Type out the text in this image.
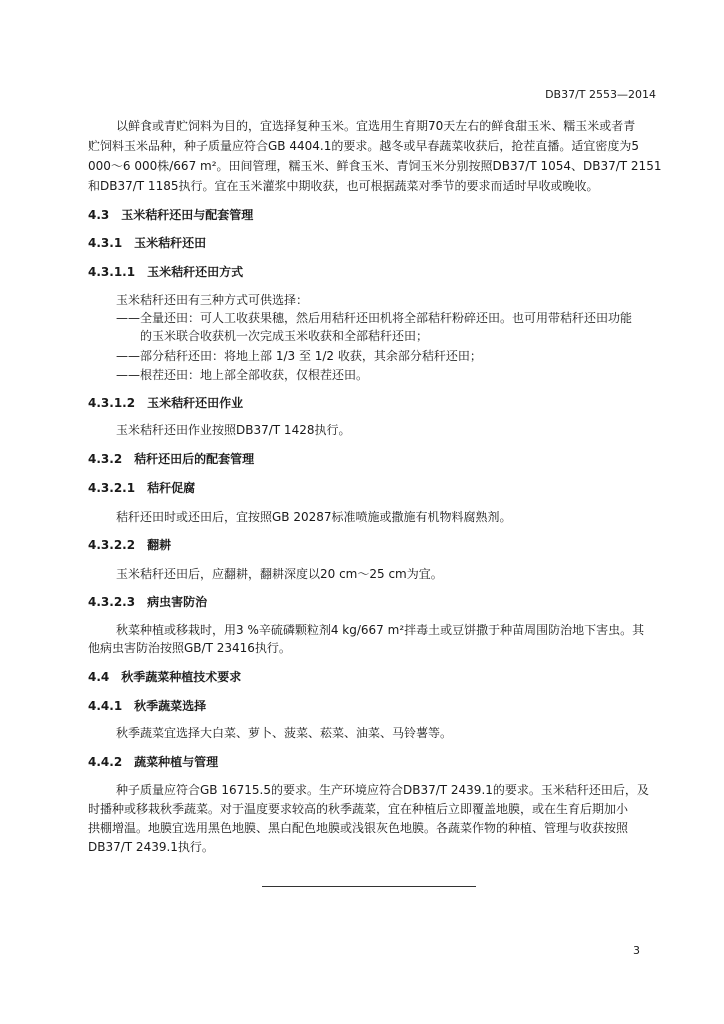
DB37/T 2553—2014
以鲜食或青贮饲料为目的，宜选择复种玉米。宜选用生育期70天左右的鲜食甜玉米、糯玉米或者青
贮饲料玉米品种，种子质量应符合GB 4404.1的要求。越冬或早春蔬菜收获后，抢茬直播。适宜密度为5
000～6 000株/667 m²。田间管理，糯玉米、鲜食玉米、青饲玉米分别按照DB37/T 1054、DB37/T 2151
和DB37/T 1185执行。宜在玉米灌浆中期收获，也可根据蔬菜对季节的要求而适时早收或晚收。
4.3　玉米秸秆还田与配套管理
4.3.1　玉米秸秆还田
4.3.1.1　玉米秸秆还田方式
玉米秸秆还田有三种方式可供选择：
——全量还田：可人工收获果穗，然后用秸秆还田机将全部秸秆粉碎还田。也可用带秸秆还田功能
的玉米联合收获机一次完成玉米收获和全部秸秆还田；
——部分秸秆还田：将地上部 1/3 至 1/2 收获，其余部分秸秆还田；
——根茬还田：地上部全部收获，仅根茬还田。
4.3.1.2　玉米秸秆还田作业
玉米秸秆还田作业按照DB37/T 1428执行。
4.3.2　秸秆还田后的配套管理
4.3.2.1　秸秆促腐
秸秆还田时或还田后，宜按照GB 20287标准喷施或撒施有机物料腐熟剂。
4.3.2.2　翻耕
玉米秸秆还田后，应翻耕，翻耕深度以20 cm～25 cm为宜。
4.3.2.3　病虫害防治
秋菜种植或移栽时，用3 %辛硫磷颗粒剂4 kg/667 m²拌毒土或豆饼撒于种苗周围防治地下害虫。其
他病虫害防治按照GB/T 23416执行。
4.4　秋季蔬菜种植技术要求
4.4.1　秋季蔬菜选择
秋季蔬菜宜选择大白菜、萝卜、菠菜、菘菜、油菜、马铃薯等。
4.4.2　蔬菜种植与管理
种子质量应符合GB 16715.5的要求。生产环境应符合DB37/T 2439.1的要求。玉米秸秆还田后，及
时播种或移栽秋季蔬菜。对于温度要求较高的秋季蔬菜，宜在种植后立即覆盖地膜，或在生育后期加小
拱棚增温。地膜宜选用黑色地膜、黑白配色地膜或浅银灰色地膜。各蔬菜作物的种植、管理与收获按照
DB37/T 2439.1执行。
3
